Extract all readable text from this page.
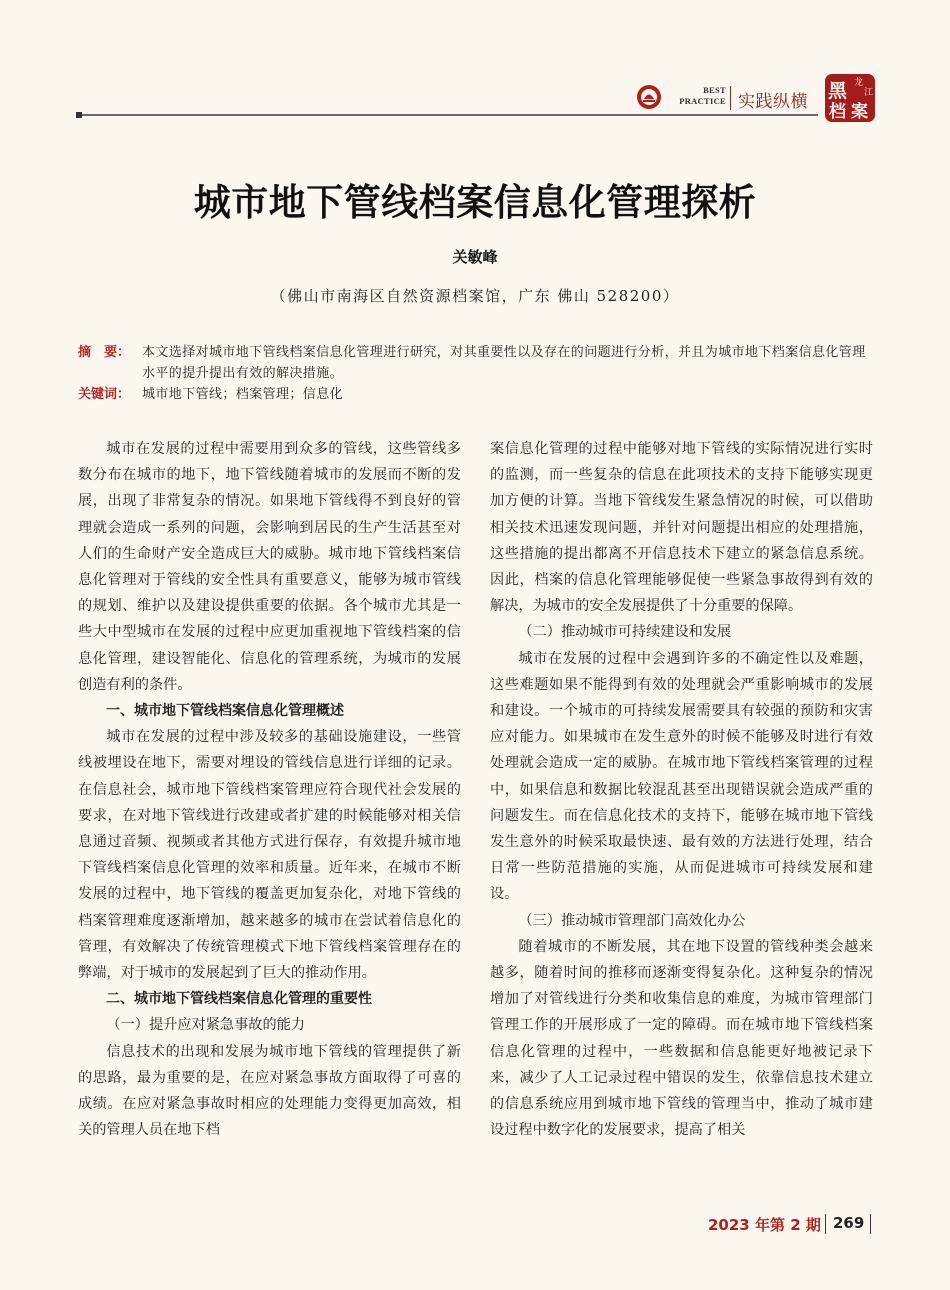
BEST
PRACTICE 实践纵横 黑 龙
江
档 案
城市地下管线档案信息化管理探析
关敏峰
（佛山市南海区自然资源档案馆，广东 佛山 528200）
摘　要： 本文选择对城市地下管线档案信息化管理进行研究，对其重要性以及存在的问题进行分析，并且为城市地下档案信息化管理水平的提升提出有效的解决措施。
关键词： 城市地下管线；档案管理；信息化

城市在发展的过程中需要用到众多的管线，这些管线多数分布在城市的地下，地下管线随着城市的发展而不断的发展，出现了非常复杂的情况。如果地下管线得不到良好的管理就会造成一系列的问题，会影响到居民的生产生活甚至对人们的生命财产安全造成巨大的威胁。城市地下管线档案信息化管理对于管线的安全性具有重要意义，能够为城市管线的规划、维护以及建设提供重要的依据。各个城市尤其是一些大中型城市在发展的过程中应更加重视地下管线档案的信息化管理，建设智能化、信息化的管理系统，为城市的发展创造有利的条件。

一、城市地下管线档案信息化管理概述

城市在发展的过程中涉及较多的基础设施建设，一些管线被埋设在地下，需要对埋设的管线信息进行详细的记录。在信息社会，城市地下管线档案管理应符合现代社会发展的要求，在对地下管线进行改建或者扩建的时候能够对相关信息通过音频、视频或者其他方式进行保存，有效提升城市地下管线档案信息化管理的效率和质量。近年来，在城市不断发展的过程中，地下管线的覆盖更加复杂化，对地下管线的档案管理难度逐渐增加，越来越多的城市在尝试着信息化的管理，有效解决了传统管理模式下地下管线档案管理存在的弊端，对于城市的发展起到了巨大的推动作用。

二、城市地下管线档案信息化管理的重要性

（一）提升应对紧急事故的能力

信息技术的出现和发展为城市地下管线的管理提供了新的思路，最为重要的是，在应对紧急事故方面取得了可喜的成绩。在应对紧急事故时相应的处理能力变得更加高效，相关的管理人员在地下档

案信息化管理的过程中能够对地下管线的实际情况进行实时的监测，而一些复杂的信息在此项技术的支持下能够实现更加方便的计算。当地下管线发生紧急情况的时候，可以借助相关技术迅速发现问题，并针对问题提出相应的处理措施，这些措施的提出都离不开信息技术下建立的紧急信息系统。因此，档案的信息化管理能够促使一些紧急事故得到有效的解决，为城市的安全发展提供了十分重要的保障。

（二）推动城市可持续建设和发展

城市在发展的过程中会遇到许多的不确定性以及难题，这些难题如果不能得到有效的处理就会严重影响城市的发展和建设。一个城市的可持续发展需要具有较强的预防和灾害应对能力。如果城市在发生意外的时候不能够及时进行有效处理就会造成一定的威胁。在城市地下管线档案管理的过程中，如果信息和数据比较混乱甚至出现错误就会造成严重的问题发生。而在信息化技术的支持下，能够在城市地下管线发生意外的时候采取最快速、最有效的方法进行处理，结合日常一些防范措施的实施，从而促进城市可持续发展和建设。

（三）推动城市管理部门高效化办公

随着城市的不断发展，其在地下设置的管线种类会越来越多，随着时间的推移而逐渐变得复杂化。这种复杂的情况增加了对管线进行分类和收集信息的难度，为城市管理部门管理工作的开展形成了一定的障碍。而在城市地下管线档案信息化管理的过程中，一些数据和信息能更好地被记录下来，减少了人工记录过程中错误的发生，依靠信息技术建立的信息系统应用到城市地下管线的管理当中，推动了城市建设过程中数字化的发展要求，提高了相关

2023 年第 2 期 269
